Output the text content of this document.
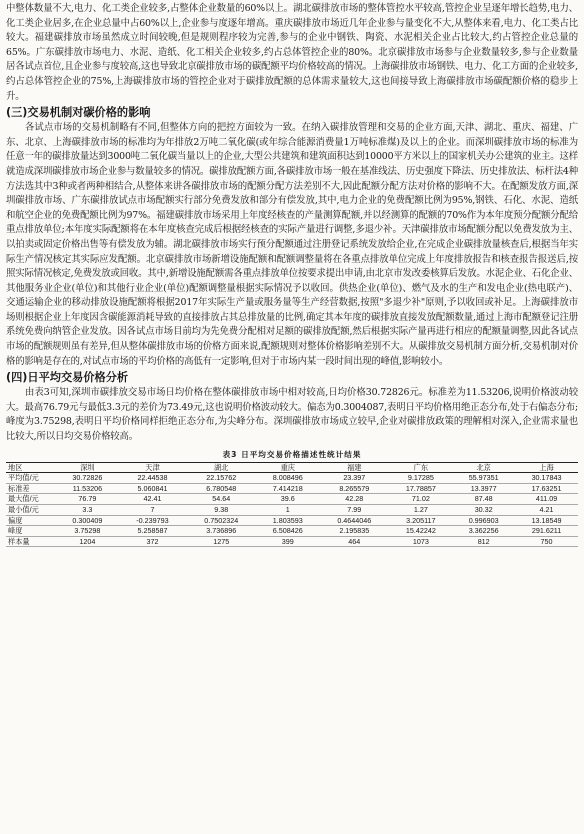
中整体数量不大,电力、化工类企业较多,占整体企业数量的60%以上。湖北碳排放市场的整体管控水平较高,管控企业呈逐年增长趋势,电力、化工类企业居多,在企业总量中占60%以上,企业参与度逐年增高。重庆碳排放市场近几年企业参与量变化不大,从整体来看,电力、化工类占比较大。福建碳排放市场虽然成立时间较晚,但是规则程序较为完善,参与的企业中钢铁、陶瓷、水泥相关企业占比较大,约占管控企业总量的65%。广东碳排放市场电力、水泥、造纸、化工相关企业较多,约占总体管控企业的80%。北京碳排放市场参与企业数量较多,参与企业数量居各试点首位,且企业参与度较高,这也导致北京碳排放市场的碳配额平均价格较高的情况。上海碳排放市场钢铁、电力、化工方面的企业较多,约占总体管控企业的75%,上海碳排放市场的管控企业对于碳排放配额的总体需求量较大,这也间接导致上海碳排放市场碳配额价格的稳步上升。

(三)交易机制对碳价格的影响

各试点市场的交易机制略有不同,但整体方向的把控方面较为一致。在纳入碳排放管理和交易的企业方面,天津、湖北、重庆、福建、广东、北京、上海碳排放市场的标准均为年排放2万吨二氧化碳(或年综合能源消费量1万吨标准煤)及以上的企业。而深圳碳排放市场的标准为任意一年的碳排放量达到3000吨二氧化碳当量以上的企业,大型公共建筑和建筑面积达到10000平方米以上的国家机关办公建筑的业主。这样就造成深圳碳排放市场企业参与数量较多的情况。碳排放配额方面,各碳排放市场一般在基准线法、历史强度下降法、历史排放法、标杆法4种方法选其中3种或者两种相结合,从整体来讲各碳排放市场的配额分配方法差别不大,因此配额分配方法对价格的影响不大。在配额发放方面,深圳碳排放市场、广东碳排放试点市场配额实行部分免费发放和部分有偿发放,其中,电力企业的免费配额比例为95%,钢铁、石化、水泥、造纸和航空企业的免费配额比例为97%。福建碳排放市场采用上年度经核查的产量测算配额,并以经测算的配额的70%作为本年度预分配额分配给重点排放单位;本年度实际配额将在本年度核查完成后根据经核查的实际产量进行调整,多退少补。天津碳排放市场配额分配以免费发放为主、以拍卖或固定价格出售等有偿发放为辅。湖北碳排放市场实行预分配额通过注册登记系统发放给企业,在完成企业碳排放量核查后,根据当年实际生产情况核定其实际应发配额。北京碳排放市场新增设施配额和配额调整量将在各重点排放单位完成上年度排放报告和核查报告报送后,按照实际情况核定,免费发放或回收。其中,新增设施配额需各重点排放单位按要求提出申请,由北京市发改委核算后发放。水泥企业、石化企业、其他服务业企业(单位)和其他行业企业(单位)配额调整量根据实际情况予以收回。供热企业(单位)、燃气及水的生产和发电企业(热电联产)、交通运输企业的移动排放设施配额将根据2017年实际生产量或服务量等生产经营数据,按照"多退少补"原则,予以收回或补足。上海碳排放市场则根据企业上年度因含碳能源消耗导致的直接排放占其总排放量的比例,确定其本年度的碳排放直接发放配额数量,通过上海市配额登记注册系统免费向纳管企业发放。因各试点市场目前均为先免费分配相对足额的碳排放配额,然后根据实际产量再进行相应的配额量调整,因此各试点市场的配额规则虽有差异,但从整体碳排放市场的价格方面来说,配额规则对整体价格影响差别不大。从碳排放交易机制方面分析,交易机制对价格的影响是存在的,对试点市场的平均价格的高低有一定影响,但对于市场内某一段时间出现的峰值,影响较小。

(四)日平均交易价格分析

由表3可知,深圳市碳排放交易市场日均价格在整体碳排放市场中相对较高,日均价格30.72826元。标准差为11.53206,说明价格波动较大。最高76.79元与最低3.3元的差价为73.49元,这也说明价格波动较大。偏态为0.3004087,表明日平均价格用绝正态分布,处于右偏态分布;峰度为3.75298,表明日平均价格同样拒绝正态分布,为尖峰分布。深圳碳排放市场成立较早,企业对碳排放政策的理解相对深入,企业需求量也比较大,所以日均交易价格较高。

表3 日平均交易价格描述性统计结果
地区	深圳	天津	湖北	重庆	福建	广东	北京	上海
平均值/元	30.72826	22.44538	22.15762	8.008496	23.397	9.17285	55.97351	30.17843
标准差	11.53206	5.060841	6.780548	7.414218	8.265579	17.78857	13.3977	17.63251
最大值/元	76.79	42.41	54.64	39.6	42.28	71.02	87.48	411.09
最小值/元	3.3	7	9.38	1	7.99	1.27	30.32	4.21
偏度	0.300409	-0.239793	0.7502324	1.803593	0.4644046	3.205117	0.996903	13.18549
峰度	3.75298	5.258587	3.736896	6.508426	2.195835	15.42242	3.362256	291.6211
样本量	1204	372	1275	399	464	1073	812	750
